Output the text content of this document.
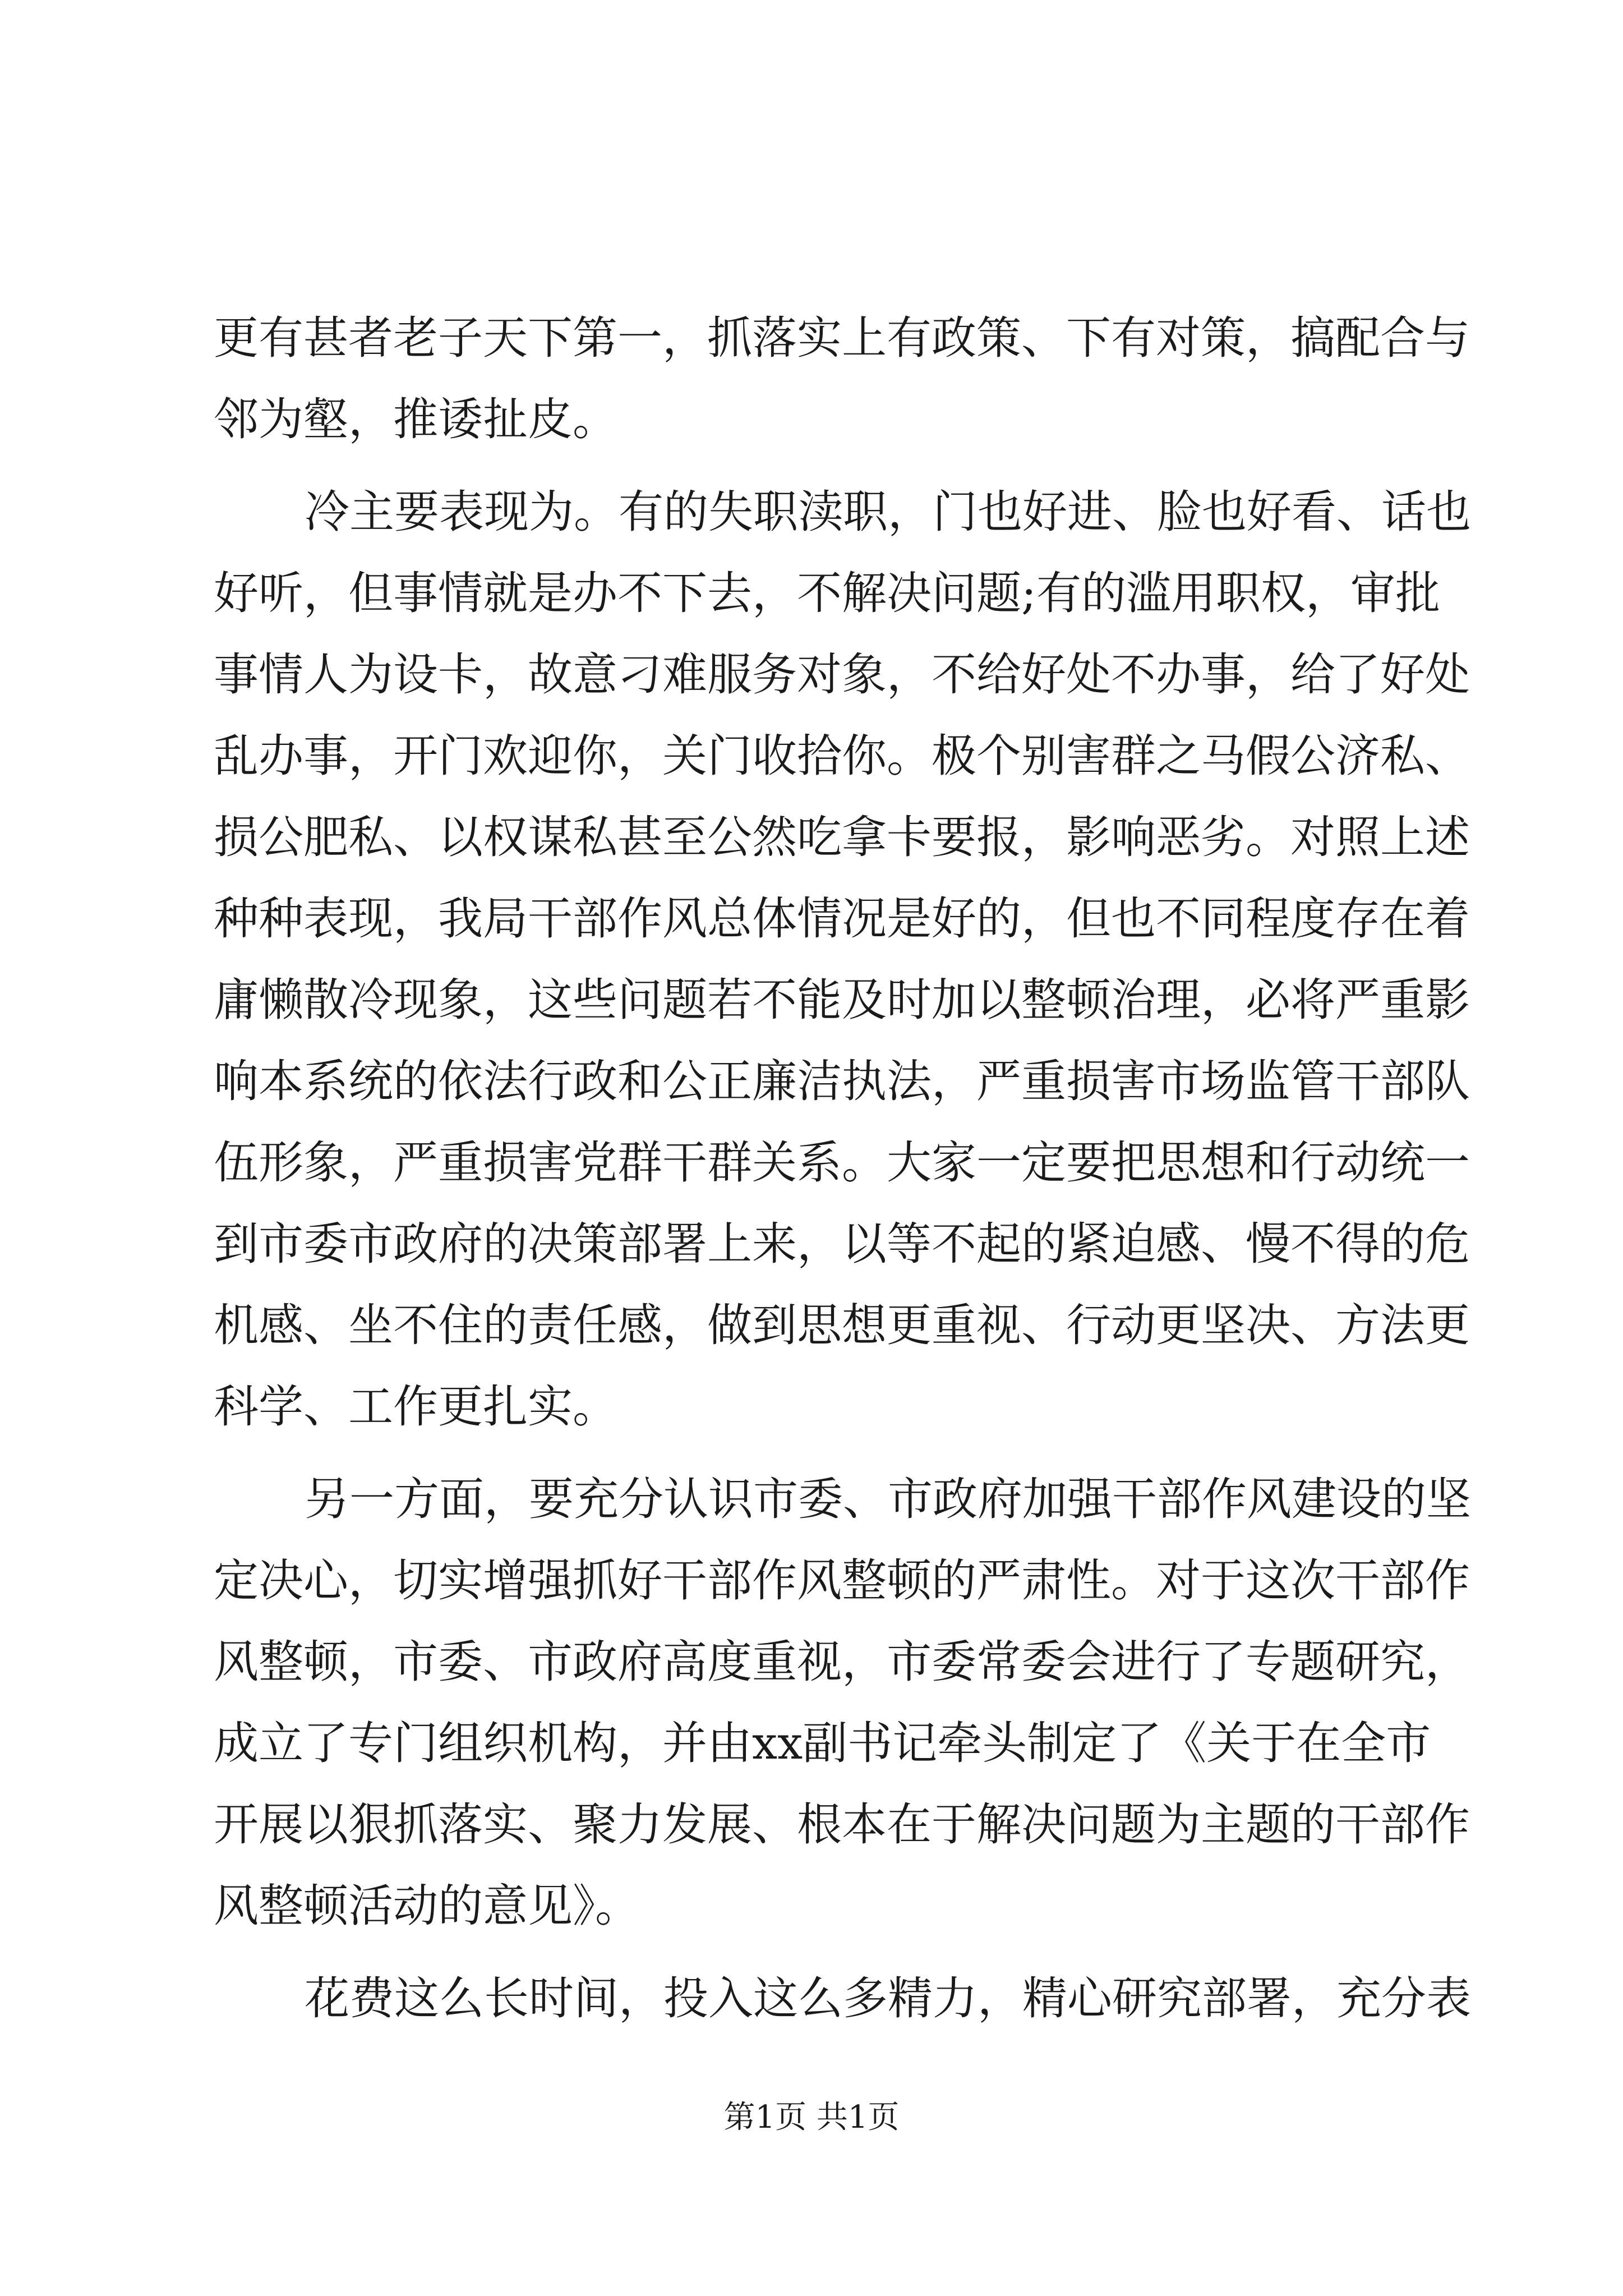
更有甚者老子天下第一，抓落实上有政策、下有对策，搞配合与
邻为壑，推诿扯皮。
冷主要表现为。有的失职渎职，门也好进、脸也好看、话也
好听，但事情就是办不下去，不解决问题;有的滥用职权，审批
事情人为设卡，故意刁难服务对象，不给好处不办事，给了好处
乱办事，开门欢迎你，关门收拾你。极个别害群之马假公济私、
损公肥私、以权谋私甚至公然吃拿卡要报，影响恶劣。对照上述
种种表现，我局干部作风总体情况是好的，但也不同程度存在着
庸懒散冷现象，这些问题若不能及时加以整顿治理，必将严重影
响本系统的依法行政和公正廉洁执法，严重损害市场监管干部队
伍形象，严重损害党群干群关系。大家一定要把思想和行动统一
到市委市政府的决策部署上来，以等不起的紧迫感、慢不得的危
机感、坐不住的责任感，做到思想更重视、行动更坚决、方法更
科学、工作更扎实。
另一方面，要充分认识市委、市政府加强干部作风建设的坚
定决心，切实增强抓好干部作风整顿的严肃性。对于这次干部作
风整顿，市委、市政府高度重视，市委常委会进行了专题研究，
成立了专门组织机构，并由xx副书记牵头制定了《关于在全市
开展以狠抓落实、聚力发展、根本在于解决问题为主题的干部作
风整顿活动的意见》。
花费这么长时间，投入这么多精力，精心研究部署，充分表
第1页 共1页
